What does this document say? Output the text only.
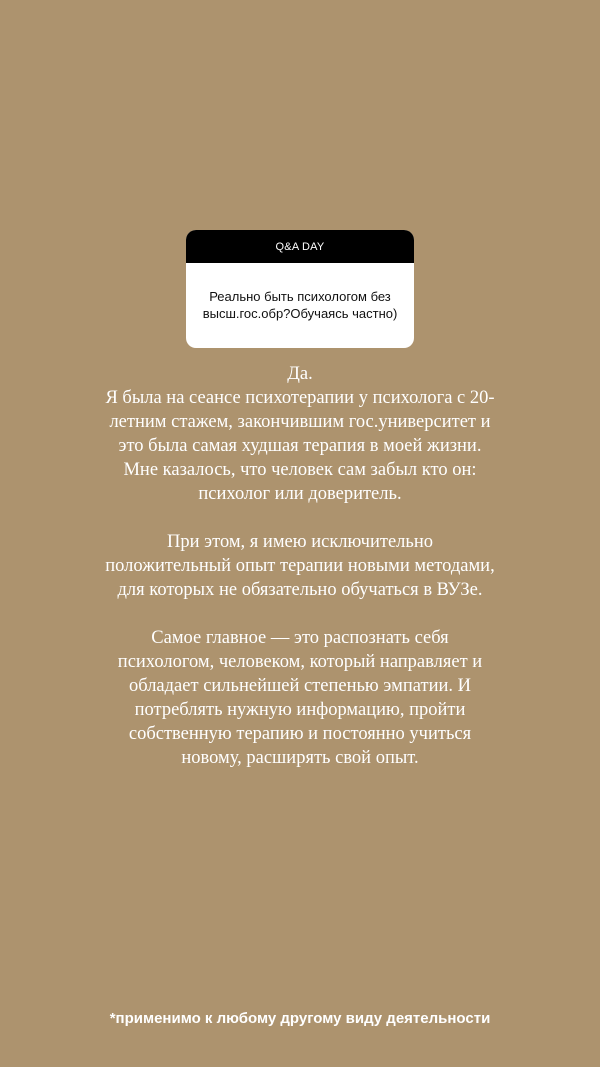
Q&A DAY
Реально быть психологом без высш.гос.обр?Обучаясь частно)

Да.

Я была на сеансе психотерапии у психолога с 20-

летним стажем, закончившим гос.университет и

это была самая худшая терапия в моей жизни.

Мне казалось, что человек сам забыл кто он:

психолог или доверитель.

При этом, я имею исключительно

положительный опыт терапии новыми методами,

для которых не обязательно обучаться в ВУЗе.

Самое главное — это распознать себя

психологом, человеком, который направляет и

обладает сильнейшей степенью эмпатии. И

потреблять нужную информацию, пройти

собственную терапию и постоянно учиться

новому, расширять свой опыт.

*применимо к любому другому виду деятельности
